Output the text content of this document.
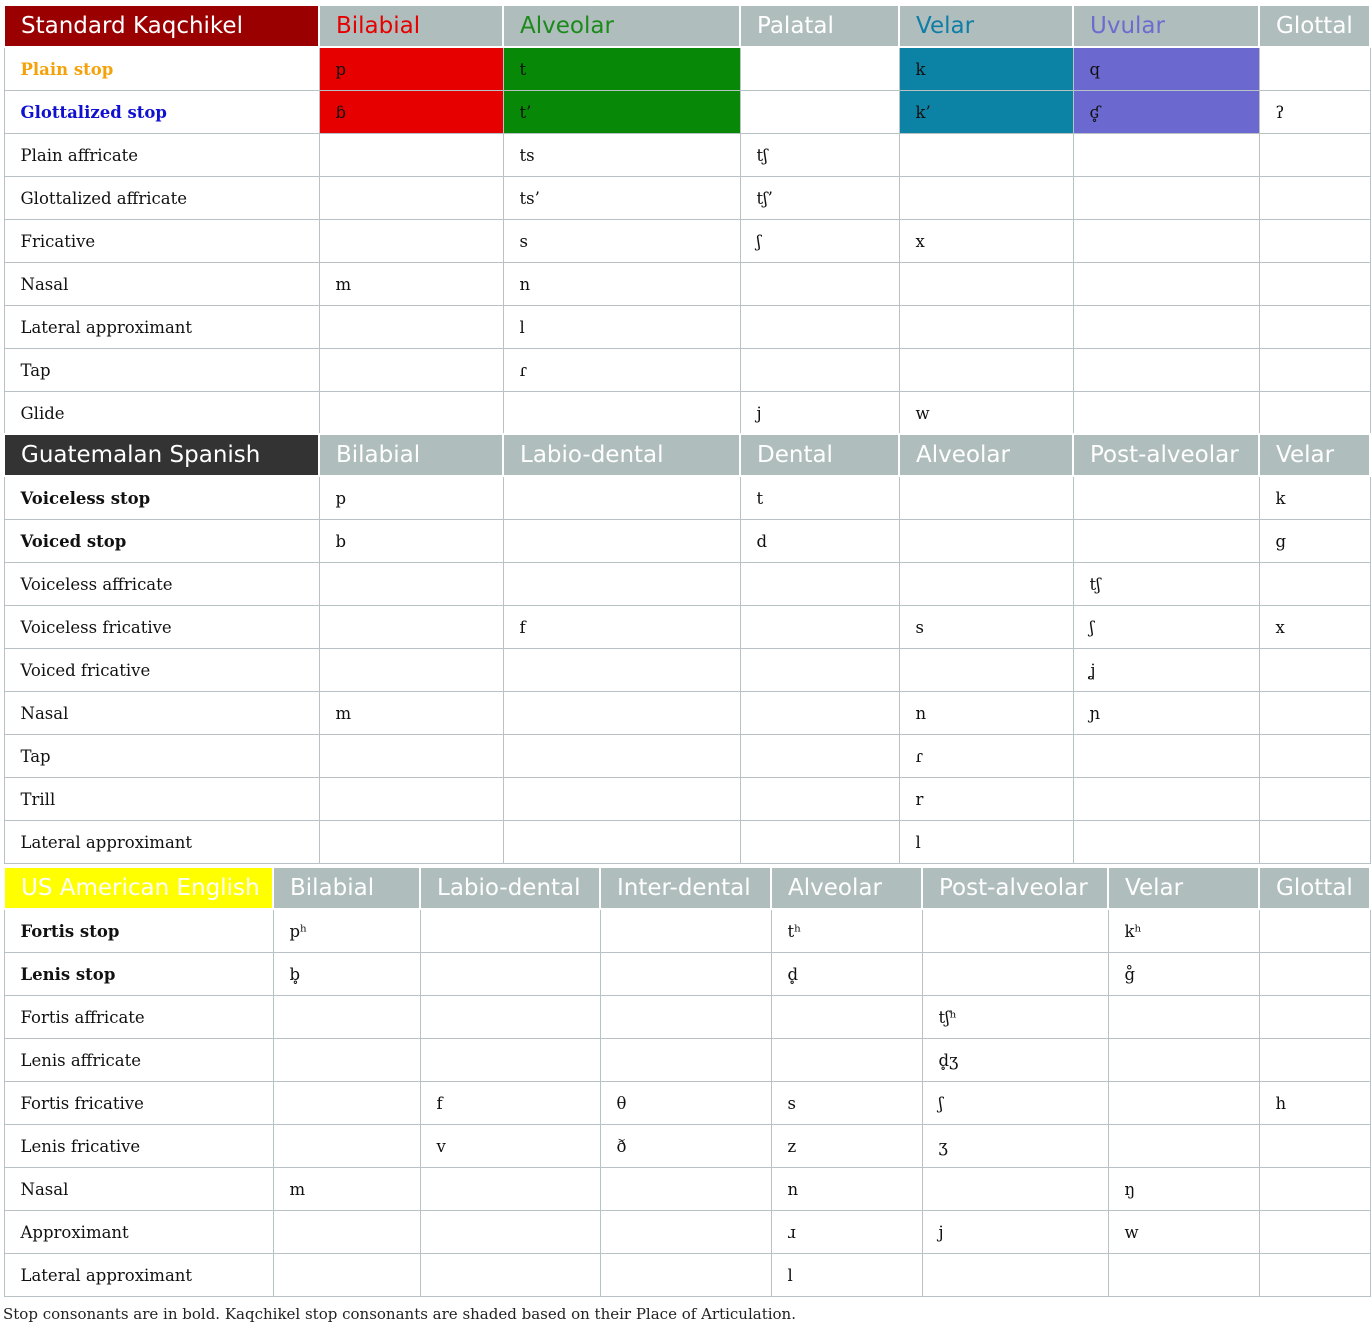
Standard Kaqchikel	Bilabial	Alveolar	Palatal	Velar	Uvular	Glottal
Plain stop	p	t		k	q	
Glottalized stop	ɓ	t’		k’	ʛ̥	ʔ
Plain affricate		ts	tʃ			
Glottalized affricate		ts’	tʃ’			
Fricative		s	ʃ	x		
Nasal	m	n				
Lateral approximant		l				
Tap		ɾ				
Glide			j	w		
Guatemalan Spanish	Bilabial	Labio-dental	Dental	Alveolar	Post-alveolar	Velar
Voiceless stop	p		t			k
Voiced stop	b		d			g
Voiceless affricate					tʃ	
Voiceless fricative		f		s	ʃ	x
Voiced fricative					ʝ	
Nasal	m			n	ɲ	
Tap				ɾ		
Trill				r		
Lateral approximant				l		
US American English	Bilabial	Labio-dental	Inter-dental	Alveolar	Post-alveolar	Velar	Glottal
Fortis stop	pʰ			tʰ		kʰ	
Lenis stop	b̥			d̥		g̊	
Fortis affricate					tʃʰ		
Lenis affricate					d̥ʒ		
Fortis fricative		f	θ	s	ʃ		h
Lenis fricative		v	ð	z	ʒ		
Nasal	m			n		ŋ	
Approximant				ɹ	j	w	
Lateral approximant				l			
Stop consonants are in bold. Kaqchikel stop consonants are shaded based on their Place of Articulation.
